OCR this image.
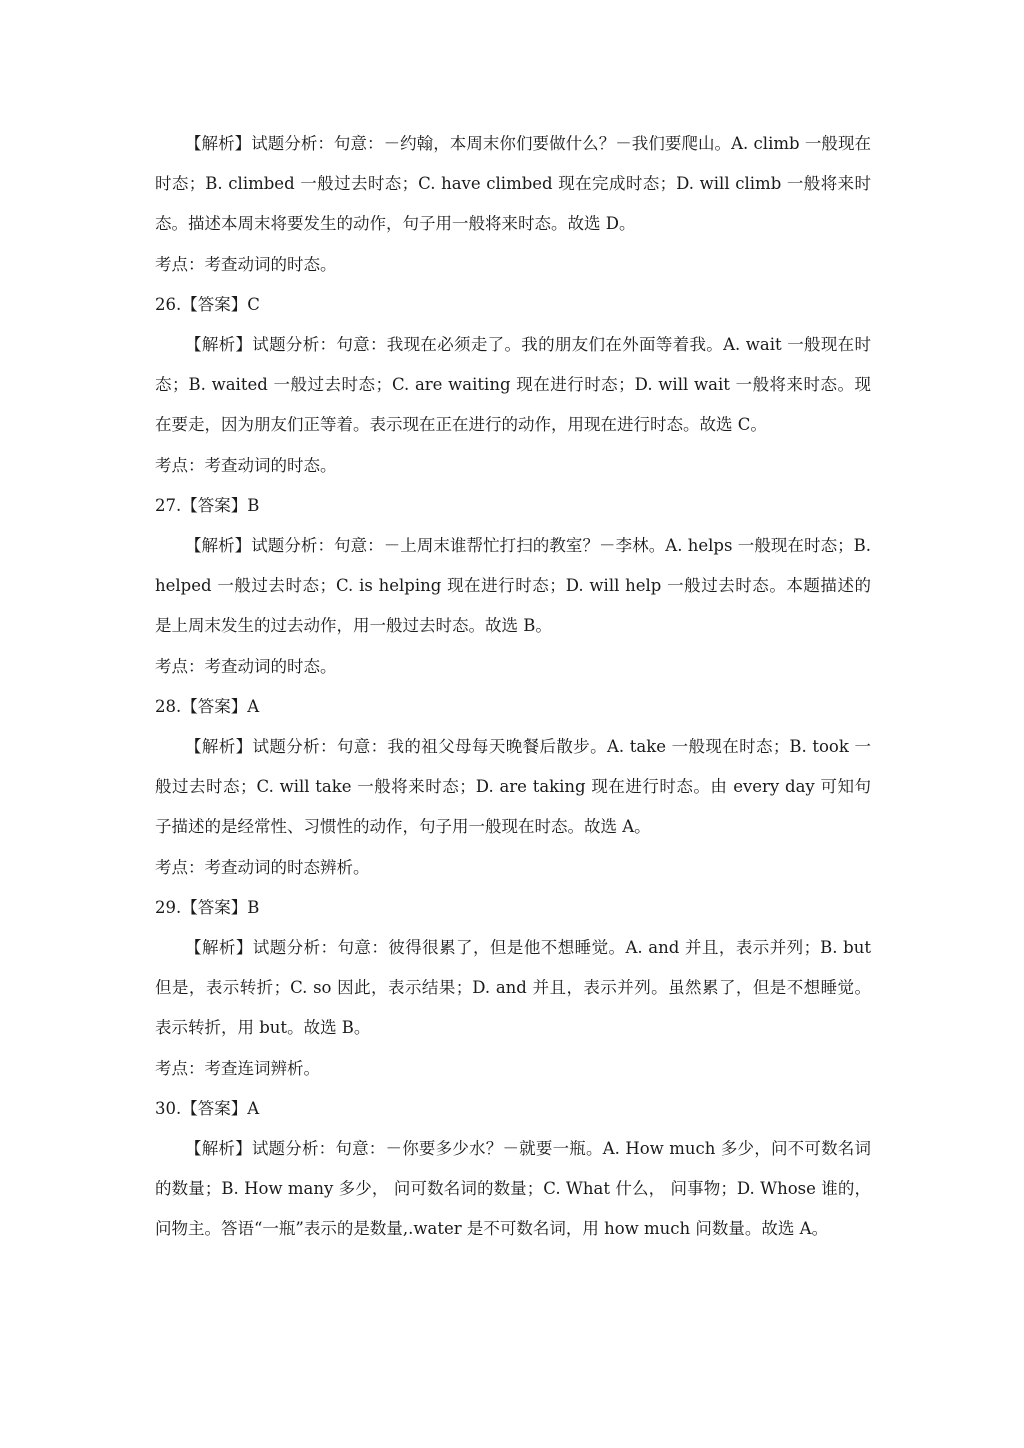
【解析】试题分析：句意：－约翰，本周末你们要做什么？－我们要爬山。A. climb 一般现在时态；B. climbed 一般过去时态；C. have climbed 现在完成时态；D. will climb 一般将来时态。描述本周末将要发生的动作，句子用一般将来时态。故选 D。

考点：考查动词的时态。

26.【答案】C

【解析】试题分析：句意：我现在必须走了。我的朋友们在外面等着我。A. wait 一般现在时态；B. waited 一般过去时态；C. are waiting 现在进行时态；D. will wait 一般将来时态。现在要走，因为朋友们正等着。表示现在正在进行的动作，用现在进行时态。故选 C。

考点：考查动词的时态。

27.【答案】B

【解析】试题分析：句意：－上周末谁帮忙打扫的教室？－李林。A. helps 一般现在时态；B. helped 一般过去时态；C. is helping 现在进行时态；D. will help 一般过去时态。本题描述的是上周末发生的过去动作，用一般过去时态。故选 B。

考点：考查动词的时态。

28.【答案】A

【解析】试题分析：句意：我的祖父母每天晚餐后散步。A. take 一般现在时态；B. took 一般过去时态；C. will take 一般将来时态；D. are taking 现在进行时态。由 every day 可知句子描述的是经常性、习惯性的动作，句子用一般现在时态。故选 A。

考点：考查动词的时态辨析。

29.【答案】B

【解析】试题分析：句意：彼得很累了，但是他不想睡觉。A. and 并且，表示并列；B. but 但是，表示转折；C. so 因此，表示结果；D. and 并且，表示并列。虽然累了，但是不想睡觉。表示转折，用 but。故选 B。

考点：考查连词辨析。

30.【答案】A

【解析】试题分析：句意：－你要多少水？－就要一瓶。A. How much 多少，问不可数名词的数量；B. How many 多少， 问可数名词的数量；C. What 什么， 问事物；D. Whose 谁的，问物主。答语“一瓶”表示的是数量,.water 是不可数名词，用 how much 问数量。故选 A。
